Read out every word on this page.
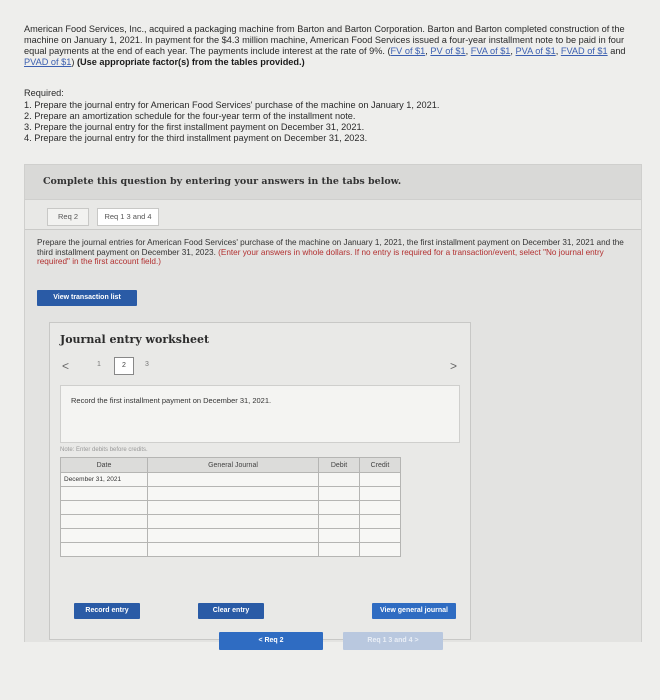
American Food Services, Inc., acquired a packaging machine from Barton and Barton Corporation. Barton and Barton completed construction of the machine on January 1, 2021. In payment for the $4.3 million machine, American Food Services issued a four-year installment note to be paid in four equal payments at the end of each year. The payments include interest at the rate of 9%. (FV of $1, PV of $1, FVA of $1, PVA of $1, FVAD of $1 and PVAD of $1) (Use appropriate factor(s) from the tables provided.)
Required:
1. Prepare the journal entry for American Food Services' purchase of the machine on January 1, 2021.
2. Prepare an amortization schedule for the four-year term of the installment note.
3. Prepare the journal entry for the first installment payment on December 31, 2021.
4. Prepare the journal entry for the third installment payment on December 31, 2023.
Complete this question by entering your answers in the tabs below.
Req 2	Req 1 3 and 4
Prepare the journal entries for American Food Services' purchase of the machine on January 1, 2021, the first installment payment on December 31, 2021 and the third installment payment on December 31, 2023. (Enter your answers in whole dollars. If no entry is required for a transaction/event, select "No journal entry required" in the first account field.)
View transaction list
Journal entry worksheet
<	1	2	3	>
Record the first installment payment on December 31, 2021.
Note: Enter debits before credits.
Date	General Journal	Debit	Credit
December 31, 2021			

Record entry	Clear entry	View general journal
< Req 2	Req 1 3 and 4 >
